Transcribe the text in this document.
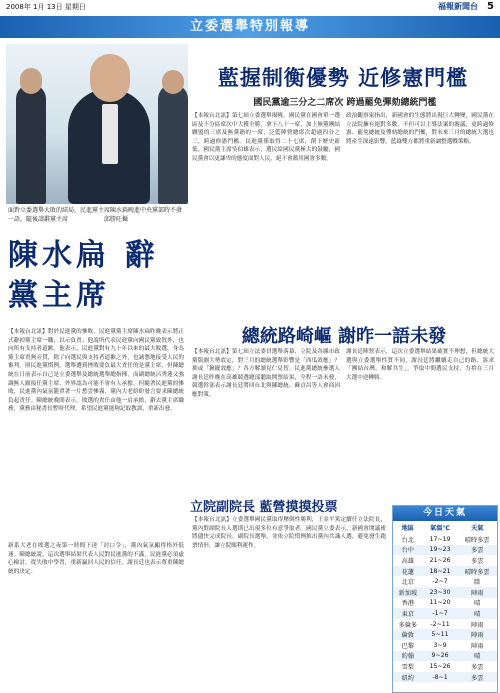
2008年 1月 13日 星期日	福報新聞台 5
立委選舉特別報導
面對立委選舉大敗的結局，民進黨主席陳水扁晚進中央黨部時不發一語，隨後請辭黨主席　　　　　　邱勝旺攝
陳水扁 辭黨主席
【本報台北訊】對於民進黨的慘敗，民進黨黨主席陳水扁昨晚表示將正式辭掉黨主席一職，以示負責；他說所代表民進黨向國民黨致賀外，也向所有支持者道歉。他表示，民進黨對有九十年以來的最大敗選，身為黨主席責無旁貸，除了向選民與支持者道歉之外，也誠懇地接受人民的審判。照民進黨慣例，選舉遭到挫敗要負最大責任的是黨主席，但陳總統在日前表示自己是立委選舉及總統選舉總指揮，而副總統呂秀蓮又強調無人願接任黨主席，外界認為可能不會有人承擔。但隨著民進黨的慘敗，民進黨內氣氛籠罩著一片愁雲慘霧，黨內大老紛紛發言要求陳總統負起責任。陳總統晚間表示，敗選的責任由他一肩承擔，辭去黨主席職務，黨務由秘書長暫時代理，希望民進黨能夠記取教訓、重新出發。
新系大老在敗選之夜第一時間下達「封口令」，黨內氣氛顯得格外低迷。陳總統說，這次選舉結果代表人民對民進黨的不滿，民進黨必須虛心檢討，從失敗中學習，重新贏回人民的信任。謝長廷也表示尊重陳總統的決定。
藍握制衡優勢 近修憲門檻
國民黨逾三分之二席次 跨過罷免彈劾總統門檻
【本報台北訊】第七屆立委選舉揭曉，國民黨在國會單一選區及不分區席次中大獲全勝，拿下八十一席，加上無黨團結聯盟的三席及無黨籍的一席，泛藍陣營總席次超過四分之三，跨過修憲門檻。民進黨僅取得二十七席，創下歷史新低。國民黨主席吳伯雄表示，選民給國民黨極大的鼓勵，國民黨會以更謙卑的態度面對人民，絕不會濫用國會多數。
政治觀察家指出，新國會的生態將出現巨大轉變，國民黨在立法院擁有絕對多數，不但可以主導法案的審議，更跨過修憲、罷免總統及彈劾總統的門檻，對未來三月的總統大選也將產生深遠影響，藍綠雙方都將重新調整選戰策略。
總統路崎嶇 謝昨一語未發
【本報台北訊】第七屆立法委員選舉落幕，立院及各縣市政黨版圖大勢底定，對三月的總統選舉影響是「西瓜效應」？抑或「鐘擺效應」？各方解讀見仁見智。民進黨總統參選人謝長廷昨晚在高雄競選總部聽取開票結果，全程一語未發，競選幹部表示謝長廷將回台北與陳總統、蘇貞昌等人會商因應對策。
謝長廷陣營表示，這次立委選舉結果確實不理想，但總統大選與立委選舉性質不同，謝長廷將繼續走自己的路，訴求「團結台灣、和解共生」，爭取中間選民支持，力拚在三月大選中逆轉勝。
立院副院長 藍營摸摸投票
【本報台北訊】立委選舉國民黨取得壓倒性勝利，王金平篤定續任立法院長，黨內對副院長人選則已出現多位有意爭取者。國民黨立委表示，新國會開議後將儘快完成院長、副院長選舉，並依立院慣例推出黨內共識人選，避免發生跑票情形，讓立院順利運作。
今日天氣
地區	氣溫℃	天氣
台北	17~19	晴時多雲
台中	19~23	多雲
高雄	21~26	多雲
花蓮	18~21	晴時多雲
北京	-2~7	陰
新加坡	23~30	陣雨
香港	11~20	晴
東京	-1~7	晴
多倫多	-2~11	陣雨
倫敦	5~11	陣雨
巴黎	3~9	陣雨
約翰	9~26	晴
雪梨	15~26	多雲
紐約	-8~1	多雲
